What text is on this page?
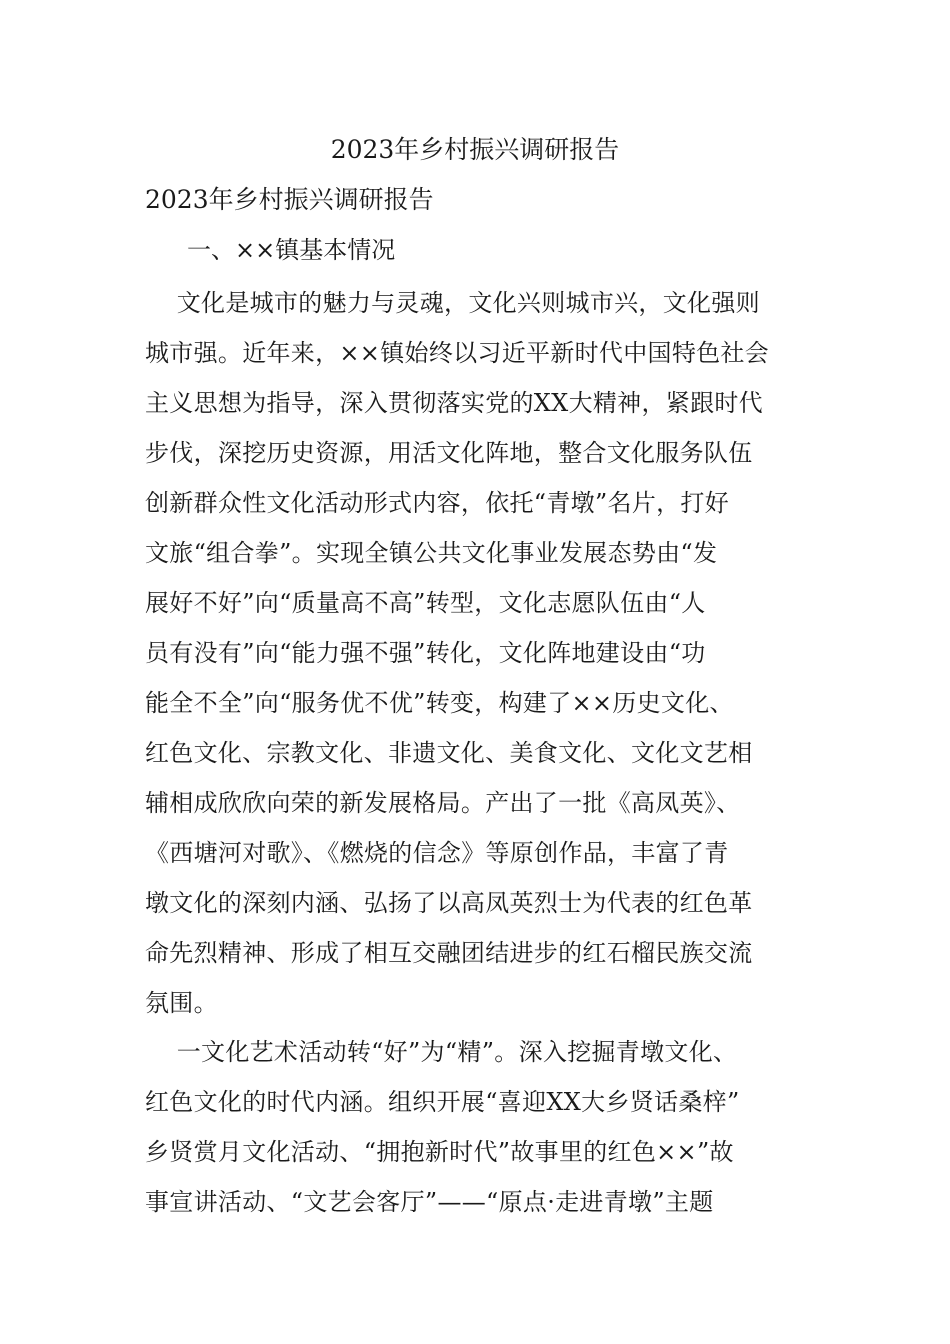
2023年乡村振兴调研报告
2023年乡村振兴调研报告
一、××镇基本情况
文化是城市的魅力与灵魂，文化兴则城市兴，文化强则
城市强。近年来，××镇始终以习近平新时代中国特色社会
主义思想为指导，深入贯彻落实党的XX大精神，紧跟时代
步伐，深挖历史资源，用活文化阵地，整合文化服务队伍
创新群众性文化活动形式内容，依托“青墩”名片，打好
文旅“组合拳”。实现全镇公共文化事业发展态势由“发
展好不好”向“质量高不高”转型，文化志愿队伍由“人
员有没有”向“能力强不强”转化，文化阵地建设由“功
能全不全”向“服务优不优”转变，构建了××历史文化、
红色文化、宗教文化、非遗文化、美食文化、文化文艺相
辅相成欣欣向荣的新发展格局。产出了一批《高凤英》、
《西塘河对歌》、《燃烧的信念》等原创作品，丰富了青
墩文化的深刻内涵、弘扬了以高凤英烈士为代表的红色革
命先烈精神、形成了相互交融团结进步的红石榴民族交流
氛围。
一文化艺术活动转“好”为“精”。深入挖掘青墩文化、
红色文化的时代内涵。组织开展“喜迎XX大乡贤话桑梓”
乡贤赏月文化活动、“拥抱新时代”故事里的红色××”故
事宣讲活动、“文艺会客厅”——“原点·走进青墩”主题
